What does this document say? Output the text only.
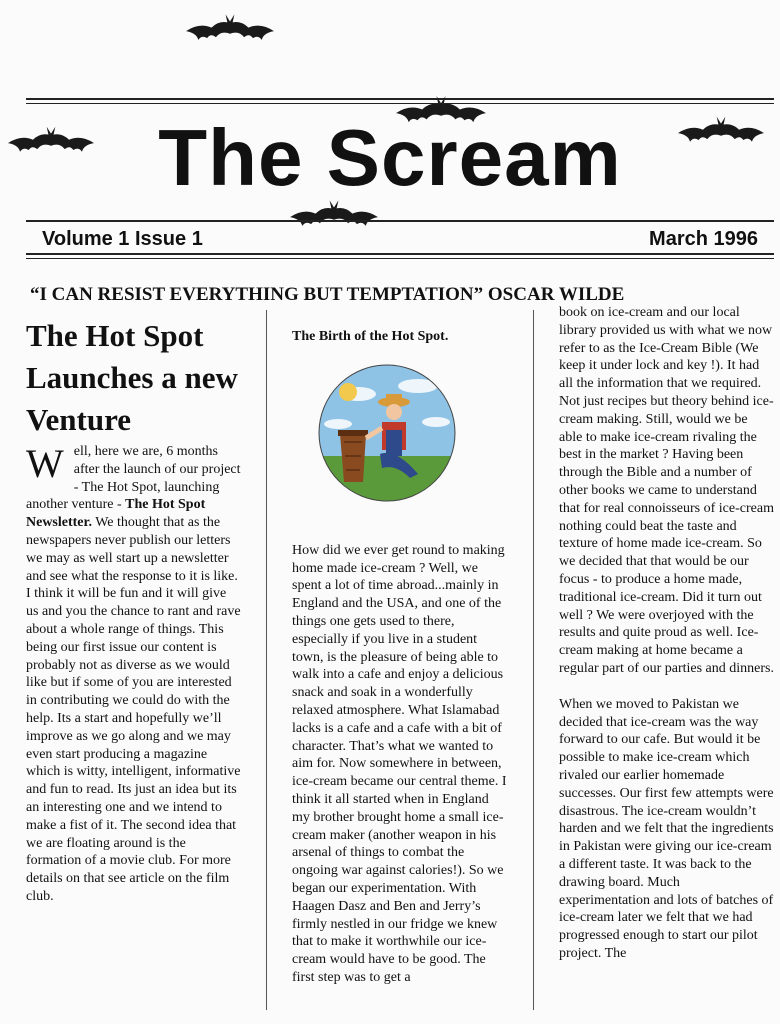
The Scream
Volume 1 Issue 1	March 1996
“I CAN RESIST EVERYTHING BUT TEMPTATION” OSCAR WILDE
The Hot Spot Launches a new Venture

Well, here we are, 6 months after the launch of our project - The Hot Spot, launching another venture - The Hot Spot Newsletter. We thought that as the newspapers never publish our letters we may as well start up a newsletter and see what the response to it is like. I think it will be fun and it will give us and you the chance to rant and rave about a whole range of things. This being our first issue our content is probably not as diverse as we would like but if some of you are interested in contributing we could do with the help. Its a start and hopefully we’ll improve as we go along and we may even start producing a magazine which is witty, intelligent, informative and fun to read. Its just an idea but its an interesting one and we intend to make a fist of it. The second idea that we are floating around is the formation of a movie club. For more details on that see article on the film club.

The Birth of the Hot Spot.

How did we ever get round to making home made ice-cream ? Well, we spent a lot of time abroad...mainly in England and the USA, and one of the things one gets used to there, especially if you live in a student town, is the pleasure of being able to walk into a cafe and enjoy a delicious snack and soak in a wonderfully relaxed atmosphere. What Islamabad lacks is a cafe and a cafe with a bit of character. That’s what we wanted to aim for. Now somewhere in between, ice-cream became our central theme. I think it all started when in England my brother brought home a small ice-cream maker (another weapon in his arsenal of things to combat the ongoing war against calories!). So we began our experimentation. With Haagen Dasz and Ben and Jerry’s firmly nestled in our fridge we knew that to make it worthwhile our ice-cream would have to be good. The first step was to get a

book on ice-cream and our local library provided us with what we now refer to as the Ice-Cream Bible (We keep it under lock and key !). It had all the information that we required. Not just recipes but theory behind ice-cream making. Still, would we be able to make ice-cream rivaling the best in the market ? Having been through the Bible and a number of other books we came to understand that for real connoisseurs of ice-cream nothing could beat the taste and texture of home made ice-cream. So we decided that that would be our focus - to produce a home made, traditional ice-cream. Did it turn out well ? We were overjoyed with the results and quite proud as well. Ice-cream making at home became a regular part of our parties and dinners.

When we moved to Pakistan we decided that ice-cream was the way forward to our cafe. But would it be possible to make ice-cream which rivaled our earlier homemade successes. Our first few attempts were disastrous. The ice-cream wouldn’t harden and we felt that the ingredients in Pakistan were giving our ice-cream a different taste. It was back to the drawing board. Much experimentation and lots of batches of ice-cream later we felt that we had progressed enough to start our pilot project. The
